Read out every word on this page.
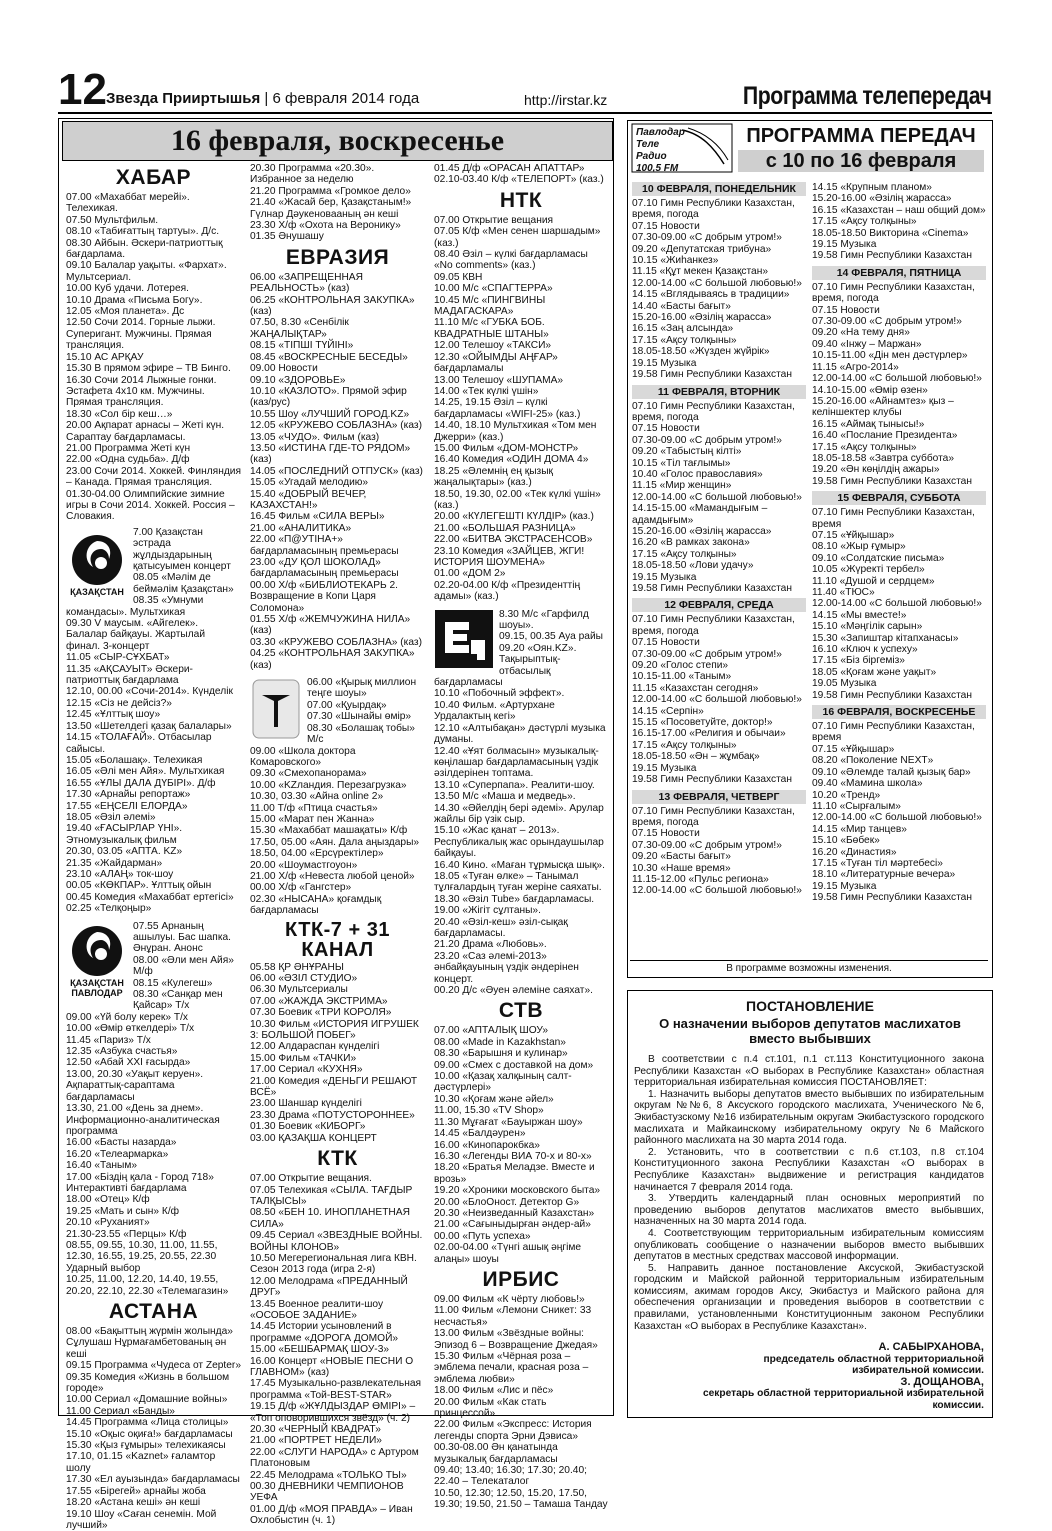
12 Звезда Прииртышья | 6 февраля 2014 года	http://irstar.kz	Программа телепередач
16 февраля, воскресенье
ХАБАР

07.00 «Махаббат мерейі». Телехикая.
07.50 Мультфильм.
08.10 «Табиғаттың тартуы». Д/с.
08.30 Айбын. Әскери-патриоттық бағдарлама.
09.10 Балалар уақыты. «Фархат». Мультсериал.
10.00 Куб удачи. Лотерея.
10.10 Драма «Письма Богу».
12.05 «Моя планета». Дс
12.50 Сочи 2014. Горные лыжи. Суперигант. Мужчины. Прямая трансляция.
15.10 АС АРҚАУ
15.30 В прямом эфире – ТВ Бинго.
16.30 Сочи 2014 Лыжные гонки. Эстафета 4х10 км. Мужчины. Прямая трансляция.
18.30 «Сол бір кеш…»
20.00 Ақпарат арнасы – Жеті күн. Сараптау бағдарламасы.
21.00 Программа Жеті күн
22.00 «Одна судьба». Д/ф
23.00 Сочи 2014. Хоккей. Финляндия – Канада. Прямая трансляция.
01.30-04.00 Олимпийские зимние игры в Сочи 2014. Хоккей. Россия – Словакия.

ҚАЗАҚСТАН

7.00 Қазақстан эстрада жұлдыздарының қатысуымен концерт
08.05 «Мәлім де беймәлім Қазақстан»
08.35 «Умнуми командасы». Мультхикая

09.30 V маусым. «Айгелек». Балалар байқауы. Жартылай финал. 3-концерт
11.05 «СЫР-СҰХБАТ»
11.35 «АҚСАУЫТ» Әскери-патриоттық бағдарлама
12.10, 00.00 «Сочи-2014». Күнделік
12.15 «Сіз не дейсіз?»
12.45 «Ұлттық шоу»
13.50 «Шетелдегі қазақ балалары»
14.15 «ТОЛАҒАЙ». Отбасылар сайысы.
15.05 «Болашақ». Телехикая
16.05 «Әлі мен Айя». Мультхикая
16.55 «ҰЛЫ ДАЛА ДҮБІРІ». Д/ф
17.30 «Арнайы репортаж»
17.55 «ЕҢСЕЛІ ЕЛОРДА»
18.05 «Әзіл әлемі»
19.40 «ҒАСЫРЛАР ҮНІ». Этномузыкалық фильм
20.30, 03.05 «АПТА. KZ»
21.35 «Жайдарман»
23.10 «АЛАҢ» ток-шоу
00.05 «КӨКПАР». Ұлттық ойын
00.45 Комедия «Махаббат ертегісі»
02.25 «Телқоңыр»

ҚАЗАҚСТАН ПАВЛОДАР

07.55 Арнаның ашылуы. Бас шапка. Әнұран. Анонс
08.00 «Әли мен Айя» М/ф
08.15 «Кулегеш»
08.30 «Санқар мен Қайсар» Т/х

09.00 «Үй болу керек» Т/х
10.00 «Өмір өткелдері» Т/х
11.45 «Париз» Т/х
12.35 «Азбука счастья»
12.50 «Абай XXI ғасырда»
13.00, 20.30 «Уақыт керуен». Ақпараттық-сараптама бағдарламасы
13.30, 21.00 «День за днем». Информационно-аналитическая программа
16.00 «Басты назарда»
16.20 «Телеармарка»
16.40 «Таным»
17.00 «Біздің қала - Город 718» Интерактивті бағдарлама
18.00 «Отец» К/ф
19.25 «Мать и сын» К/ф
20.10 «Руханият»
21.30-23.55 «Перцы» К/ф
08.55, 09.55, 10.30, 11.00, 11.55, 12.30, 16.55, 19.25, 20.55, 22.30 Ударный выбор
10.25, 11.00, 12.20, 14.40, 19.55, 20.20, 22.10, 22.30 «Телемагазин»

АСТАНА

08.00 «Бақыттың жүрмін жолында» Сұлушаш Нұрмағамбетованың ән кеші
09.15 Программа «Чудеса от Zepter»
09.35 Комедия «Жизнь в большом городе»
10.00 Сериал «Домашние войны»
11.00 Сериал «Банды»
14.45 Программа «Лица столицы»
15.10 «Оқыс оқиға!» бағдарламасы
15.30 «Қыз ғұмыры» телехикаясы
17.10, 01.15 «Kaznet» ғаламтор шолу
17.30 «Ел ауызында» бағдарламасы
17.55 «Бірегей» арнайы жоба
18.20 «Астана кеші» ән кеші
19.10 Шоу «Саған сенемін. Мой лучший»

20.30 Программа «20.30». Избранное за неделю
21.20 Программа «Громкое дело»
21.40 «Жасай бер, Қазақстаным!» Гүлнар Дәукеновааның ән кеші
23.30 Х/ф «Охота на Веронику»
01.35 Әнушашу

ЕВРАЗИЯ

06.00 «ЗАПРЕЩЕННАЯ РЕАЛЬНОСТЬ» (каз)
06.25 «КОНТРОЛЬНАЯ ЗАКУПКА» (каз)
07.50, 8.30 «Сенбілік ЖАҢАЛЫҚТАР»
08.15 «ТІПШІ ТҮЙІНІ»
08.45 «ВОСКРЕСНЫЕ БЕСЕДЫ»
09.00 Новости
09.10 «ЗДОРОВЬЕ»
10.10 «КАЗЛОТО». Прямой эфир (каз/рус)
10.55 Шоу «ЛУЧШИЙ ГОРОД.KZ»
12.05 «КРУЖЕВО СОБЛАЗНА» (каз)
13.05 «ЧУДО». Фильм (каз)
13.50 «ИСТИНА ГДЕ-ТО РЯДОМ» (каз)
14.05 «ПОСЛЕДНИЙ ОТПУСК» (каз)
15.05 «Угадай мелодию»
15.40 «ДОБРЫЙ ВЕЧЕР, КАЗАХСТАН!»
16.45 Фильм «СИЛА ВЕРЫ»
21.00 «АНАЛИТИКА»
22.00 «П@УТІНА+» бағдарламасының премьерасы
23.00 «ДУ ҚОЛ ШОКОЛАД» бағдарламасының премьерасы
00.00 Х/ф «БИБЛИОТЕКАРЬ 2. Возвращение в Копи Царя Соломона»
01.55 Х/ф «ЖЕМЧУЖИНА НИЛА» (каз)
03.30 «КРУЖЕВО СОБЛАЗНА» (каз)
04.25 «КОНТРОЛЬНАЯ ЗАКУПКА» (каз)

06.00 «Қырық миллион теңге шоуы»
07.00 «Қуырдақ»
07.30 «Шынайы өмір»
08.30 «Болашақ тобы» М/с
09.00 «Школа доктора Комаровского»

09.30 «Смехопанорама»
10.00 «KZландия. Перезагрузка»
10.30, 03.30 «Айна online 2»
11.00 Т/ф «Птица счастья»
15.00 «Марат пен Жанна»
15.30 «Махаббат машақаты» К/ф
17.50, 05.00 «Аян. Дала аңыздары»
18.50, 04.00 «Ерсүректілер»
20.00 «Шоумастгоуон»
21.00 Х/ф «Невеста любой ценой»
00.00 Х/ф «Гангстер»
02.30 «НЫСАНА» қоғамдық бағдарламасы

КТК-7 + 31 КАНАЛ

05.58 ҚР ӘНҰРАНЫ
06.00 «ӘЗІЛ СТУДИО»
06.30 Мультсериалы
07.00 «ЖАЖДА ЭКСТРИМА»
07.30 Боевик «ТРИ КОРОЛЯ»
10.30 Фильм «ИСТОРИЯ ИГРУШЕК 3: БОЛЬШОЙ ПОБЕГ»
12.00 Алдараспан күнделігі
15.00 Фильм «ТАЧКИ»
17.00 Сериал «КУХНЯ»
21.00 Комедия «ДЕНЬГИ РЕШАЮТ ВСЁ»
23.00 Шаншар күнделігі
23.30 Драма «ПОТУСТОРОННЕЕ»
01.30 Боевик «КИБОРГ»
03.00 ҚАЗАҚША КОНЦЕРТ

КТК

07.00 Открытие вещания.
07.05 Телехикая «СЫЛА. ТАҒДЫР ТАЛҚЫСЫ»
08.50 «БЕН 10. ИНОПЛАНЕТНАЯ СИЛА»
09.45 Сериал «ЗВЕЗДНЫЕ ВОЙНЫ. ВОЙНЫ КЛОНОВ»
10.50 Мегерегиональная лига КВН. Сезон 2013 года (игра 2-я)
12.00 Мелодрама «ПРЕДАННЫЙ ДРУГ»
13.45 Военное реалити-шоу «ОСОБОЕ ЗАДАНИЕ»
14.45 Истории усыновлений в программе «ДОРОГА ДОМОЙ»
15.00 «БЕШБАРМАҚ ШОУ-3»
16.00 Концерт «НОВЫЕ ПЕСНИ О ГЛАВНОМ» (каз)
17.45 Музыкально-развлекательная программа «Той-BEST-STAR»
19.15 Д/ф «ЖҰЛДЫЗДАР ӨМІРІ» – «Топ оповорившихся звёзд» (ч. 2)
20.30 «ЧЕРНЫЙ КВАДРАТ»
21.00 «ПОРТРЕТ НЕДЕЛИ»
22.00 «СЛУГИ НАРОДА» с Артуром Платоновым
22.45 Мелодрама «ТОЛЬКО ТЫ»
00.30 ДНЕВНИКИ ЧЕМПИОНОВ УЕФА
01.00 Д/ф «МОЯ ПРАВДА» – Иван Охлобыстин (ч. 1)

01.45 Д/ф «ОРАСАН АПАТТАР»
02.10-03.40 К/ф «ТЕЛЕПОРТ» (каз.)

НТК

07.00 Открытие вещания
07.05 К/ф «Мен сенен шаршадым» (каз.)
08.40 Әзіл – күлкі бағдарламасы «No comments» (каз.)
09.05 КВН
10.00 М/с «СПАГТЕРРА»
10.45 М/с «ПИНГВИНЫ МАДАГАСКАРА»
11.10 М/с «ГУБКА БОБ. КВАДРАТНЫЕ ШТАНЫ»
12.00 Телешоу «ТАКСИ»
12.30 «ОЙЫМДЫ АҢҒАР» бағдарламалы
13.00 Телешоу «ШУПАМА»
14.00 «Тек күлкі үшін»
14.25, 19.15 Әзіл – күлкі бағдарламасы «WIFI-25» (каз.)
14.40, 18.10 Мультхикая «Том мен Джерри» (каз.)
15.00 Фильм «ДОМ-МОНСТР»
16.40 Комедия «ОДИН ДОМА 4»
18.25 «Әлемнің ең қызық жаңалықтары» (каз.)
18.50, 19.30, 02.00 «Тек күлкі үшін» (каз.)
20.00 «КҮЛЕГЕШТІ КҮЛДІР» (каз.)
21.00 «БОЛЬШАЯ РАЗНИЦА»
22.00 «БИТВА ЭКСТРАСЕНСОВ»
23.10 Комедия «ЗАЙЦЕВ, ЖГИ! ИСТОРИЯ ШОУМЕНА»
01.00 «ДОМ 2»
02.20-04.00 К/ф «Президенттің адамы» (каз.)

8.30 М/с «Гарфилд шоуы».
09.15, 00.35 Ауа райы
09.20 «Оян.KZ». Тақырыптық-отбасылық бағдарламасы

10.10 «Побочный эффект».
10.40 Фильм. «Артурхане Урдалактың кегі»
12.10 «Алтыбақан» дәстүрлі музыка думаны.
12.40 «Ұят болмасын» музыкалық-көңілашар бағдарламасының үздік әзілдерінен топтама.
13.10 «Суперпапа». Реалити-шоу.
13.50 М/с «Маша и медведь».
14.30 «Әйелдің бері әдемі». Арулар жайлы бір үзік сыр.
15.10 «Жас қанат – 2013». Республикалық жас орындаушылар байқауы.
16.40 Кино. «Маған тұрмысқа шық».
18.05 «Туған өлке» – Танымал тұлғалардың туған жеріне саяхаты.
18.30 «Әзіл Tube» бағдарламасы.
19.00 «Жігіт сұлтаны».
20.40 «Әзіл-кеш» әзіл-сықақ бағдарламасы.
21.20 Драма «Любовь».
23.20 «Саз әлемі-2013» әнбайқауының үздік әндерінен концерт.
00.20 Д/с «Әуен әлеміне саяхат».

СТВ

07.00 «АПТАЛЫҚ ШОУ»
08.00 «Made in Kazakhstan»
08.30 «Барышня и кулинар»
09.00 «Смех с доставкой на дом»
10.00 «Қазақ халқының салт-дәстүрлері»
10.30 «Қоғам және әйел»
11.00, 15.30 «TV Shop»
11.30 Мұғағат «Бауыржан шоу»
14.45 «Балдәурен»
16.00 «Кинопарокбка»
16.30 «Легенды ВИА 70-х и 80-х»
18.20 «Братья Меладзе. Вместе и врозь»
19.20 «Хроники московского быта»
20.00 «БлоОност. Детектор G»
20.30 «Неизведанный Казахстан»
21.00 «Сағыныдырған әндер-ай»
00.00 «Путь успеха»
02.00-04.00 «Түнгі ашық әңгіме алаңы» шоуы

ИРБИС

09.00 Фильм «К чёрту любовь!»
11.00 Фильм «Лемони Сникет: 33 несчастья»
13.00 Фильм «Звёздные войны: Эпизод 6 – Возвращение Джедая»
15.30 Фильм «Чёрная роза – эмблема печали, красная роза – эмблема любви»
18.00 Фильм «Лис и пёс»
20.00 Фильм «Как стать принцессой»
22.00 Фильм «Экспресс: История легенды спорта Эрни Дэвиса»
00.30-08.00 Ән қанатында музыкалық бағдарламасы
09.40; 13.40; 16.30; 17.30; 20.40; 22.40 – Телекаталог
10.50, 12.30; 12.50, 15.20, 17.50, 19.30; 19.50, 21.50 – Тамаша Тандау

Павлодар Теле Радио 100,5 FM
ПРОГРАММА ПЕРЕДАЧ
с 10 по 16 февраля
10 ФЕВРАЛЯ, ПОНЕДЕЛЬНИК

07.10 Гимн Республики Казахстан, время, погода
07.15 Новости
07.30-09.00 «С добрым утром!»
09.20 «Депутатская трибуна»
10.15 «Жиһанкез»
11.15 «Құт мекен Қазақстан»
12.00-14.00 «С большой любовью!»
14.15 «Вглядываясь в традиции»
14.40 «Басты бағыт»
15.20-16.00 «Әзілің жарасса»
16.15 «Заң алсында»
17.15 «Ақсу толқыны»
18.05-18.50 «Жүзден жүйрік»
19.15 Музыка
19.58 Гимн Республики Казахстан

11 ФЕВРАЛЯ, ВТОРНИК

07.10 Гимн Республики Казахстан, время, погода
07.15 Новости
07.30-09.00 «С добрым утром!»
09.20 «Табыстың кілті»
10.15 «Тіл тағлымы»
10.40 «Голос православия»
11.15 «Мир женщин»
12.00-14.00 «С большой любовью!»
14.15-15.00 «Мамандығым – адамдығым»
15.20-16.00 «Әзілің жарасса»
16.20 «В рамках закона»
17.15 «Ақсу толқыны»
18.05-18.50 «Лови удачу»
19.15 Музыка
19.58 Гимн Республики Казахстан

12 ФЕВРАЛЯ, СРЕДА

07.10 Гимн Республики Казахстан, время, погода
07.15 Новости
07.30-09.00 «С добрым утром!»
09.20 «Голос степи»
10.15-11.00 «Таным»
11.15 «Казахстан сегодня»
12.00-14.00 «С большой любовью!»
14.15 «Серпін»
15.15 «Посоветуйте, доктор!»
16.15-17.00 «Религия и обычаи»
17.15 «Ақсу толқыны»
18.05-18.50 «Ән – жұмбақ»
19.15 Музыка
19.58 Гимн Республики Казахстан

13 ФЕВРАЛЯ, ЧЕТВЕРГ

07.10 Гимн Республики Казахстан, время, погода
07.15 Новости
07.30-09.00 «С добрым утром!»
09.20 «Басты бағыт»
10.30 «Наше время»
11.15-12.00 «Пульс региона»
12.00-14.00 «С большой любовью!»

14.15 «Крупным планом»
15.20-16.00 «Әзілің жарасса»
16.15 «Казахстан – наш общий дом»
17.15 «Ақсу толқыны»
18.05-18.50 Викторина «Cinema»
19.15 Музыка
19.58 Гимн Республики Казахстан

14 ФЕВРАЛЯ, ПЯТНИЦА

07.10 Гимн Республики Казахстан, время, погода
07.15 Новости
07.30-09.00 «С добрым утром!»
09.20 «На тему дня»
09.40 «Інжу – Маржан»
10.15-11.00 «Дін мен дәстүрлер»
11.15 «Агро-2014»
12.00-14.00 «С большой любовью!»
14.10-15.00 «Өмір өзен»
15.20-16.00 «Айнамтез» қыз – келіншектер клубы
16.15 «Аймақ тынысы!»
16.40 «Послание Президента»
17.15 «Ақсу толқыны»
18.05-18.58 «Завтра суббота»
19.20 «Ән көңілдің ажары»
19.58 Гимн Республики Казахстан

15 ФЕВРАЛЯ, СУББОТА

07.10 Гимн Республики Казахстан, время
07.15 «Ұйқышар»
08.10 «Жыр ғұмыр»
09.10 «Солдатские письма»
10.05 «Жүректі тербел»
11.10 «Душой и сердцем»
11.40 «ТЮС»
12.00-14.00 «С большой любовью!»
14.15 «Мы вместе!»
15.10 «Мәңгілік сарын»
15.30 «Запиштар кітапханасы»
16.10 «Ключ к успеху»
17.15 «Біз біргеміз»
18.05 «Қоғам және уақыт»
19.05 Музыка
19.58 Гимн Республики Казахстан

16 ФЕВРАЛЯ, ВОСКРЕСЕНЬЕ

07.10 Гимн Республики Казахстан, время
07.15 «Ұйқышар»
08.20 «Поколение NEXT»
09.10 «Әлемде талай қызық бар»
09.40 «Мамина школа»
10.20 «Тренд»
11.10 «Сырғалым»
12.00-14.00 «С большой любовью!»
14.15 «Мир танцев»
15.10 «Бөбек»
16.20 «Династия»
17.15 «Туған тіл мәртебесі»
18.10 «Литературные вечера»
19.15 Музыка
19.58 Гимн Республики Казахстан

В программе возможны изменения.
ПОСТАНОВЛЕНИЕ
О назначении выборов депутатов маслихатов вместо выбывших

В соответствии с п.4 ст.101, п.1 ст.113 Конституционного закона Республики Казахстан «О выборах в Республике Казахстан» областная территориальная избирательная комиссия ПОСТАНОВЛЯЕТ:

1. Назначить выборы депутатов вместо выбывших по избирательным округам №№6, 8 Аксуского городского маслихата, Ученического №6, Экибастузскому №16 избирательным округам Экибастузского городского маслихата и Майкаинскому избирательному округу №6 Майского районного маслихата на 30 марта 2014 года.

2. Установить, что в соответствии с п.6 ст.103, п.8 ст.104 Конституционного закона Республики Казахстан «О выборах в Республике Казахстан» выдвижение и регистрация кандидатов начинается 7 февраля 2014 года.

3. Утвердить календарный план основных мероприятий по проведению выборов депутатов маслихатов вместо выбывших, назначенных на 30 марта 2014 года.

4. Соответствующим территориальным избирательным комиссиям опубликовать сообщение о назначении выборов вместо выбывших депутатов в местных средствах массовой информации.

5. Направить данное постановление Аксуской, Экибастузской городским и Майской районной территориальным избирательным комиссиям, акимам городов Аксу, Экибастуз и Майского района для обеспечения организации и проведения выборов в соответствии с правилами, установленными Конституционным законом Республики Казахстан «О выборах в Республике Казахстан».

А. САБЫРХАНОВА,
председатель областной территориальной избирательной комиссии.
З. ДОЩАНОВА,
секретарь областной территориальной избирательной комиссии.
